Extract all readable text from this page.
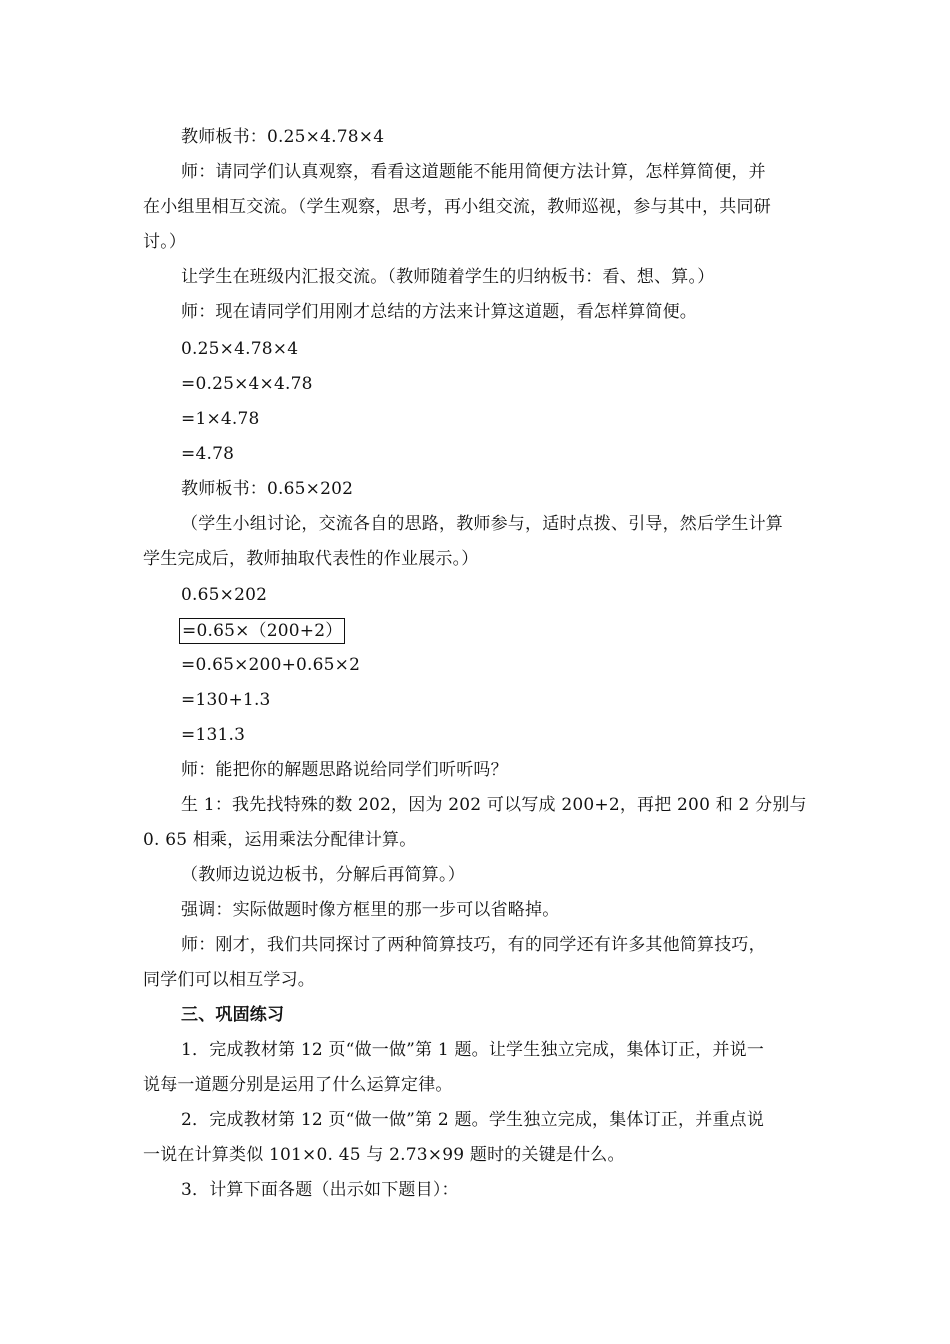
教师板书：0.25×4.78×4
师：请同学们认真观察，看看这道题能不能用简便方法计算，怎样算简便，并
在小组里相互交流。（学生观察，思考，再小组交流，教师巡视，参与其中，共同研
讨。）
让学生在班级内汇报交流。（教师随着学生的归纳板书：看、想、算。）
师：现在请同学们用刚才总结的方法来计算这道题，看怎样算简便。
0.25×4.78×4
=0.25×4×4.78
=1×4.78
=4.78
教师板书：0.65×202
（学生小组讨论，交流各自的思路，教师参与，适时点拨、引导，然后学生计算
学生完成后，教师抽取代表性的作业展示。）
0.65×202
=0.65×（200+2）
=0.65×200+0.65×2
=130+1.3
=131.3
师：能把你的解题思路说给同学们听听吗？
生 1：我先找特殊的数 202，因为 202 可以写成 200+2，再把 200 和 2 分别与
0. 65 相乘，运用乘法分配律计算。
（教师边说边板书，分解后再简算。）
强调：实际做题时像方框里的那一步可以省略掉。
师：刚才，我们共同探讨了两种简算技巧，有的同学还有许多其他简算技巧，
同学们可以相互学习。
三、巩固练习
1．完成教材第 12 页“做一做”第 1 题。让学生独立完成，集体订正，并说一
说每一道题分别是运用了什么运算定律。
2．完成教材第 12 页“做一做”第 2 题。学生独立完成，集体订正，并重点说
一说在计算类似 101×0. 45 与 2.73×99 题时的关键是什么。
3．计算下面各题（出示如下题目）：
